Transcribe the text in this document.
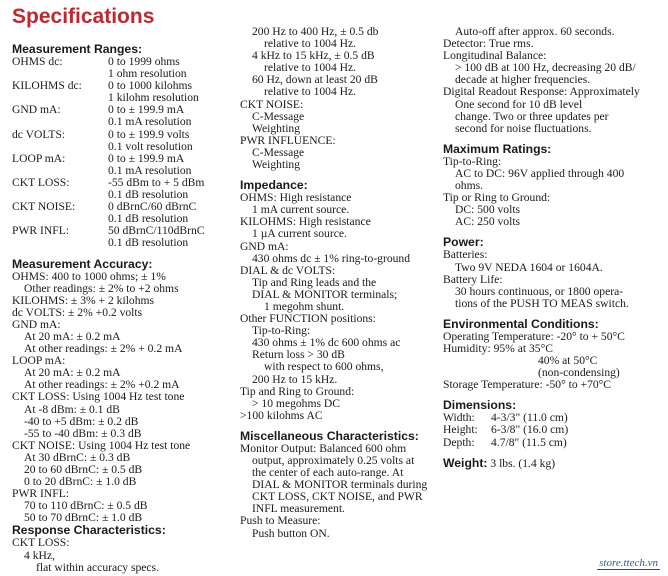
Specifications
Measurement Ranges:
OHMS dc:	0 to 1999 ohms
1 ohm resolution
KILOHMS dc:	0 to 1000 kilohms
1 kilohm resolution
GND mA:	0 to ± 199.9 mA
0.1 mA resolution
dc VOLTS:	0 to ± 199.9 volts
0.1 volt resolution
LOOP mA:	0 to ± 199.9 mA
0.1 mA resolution
CKT LOSS:	-55 dBm to + 5 dBm
0.1 dB resolution
CKT NOISE:	0 dBrnC/60 dBrnC
0.1 dB resolution
PWR INFL:	50 dBrnC/110dBrnC
0.1 dB resolution
Measurement Accuracy:
OHMS: 400 to 1000 ohms; ± 1%
Other readings: ± 2% to +2 ohms
KILOHMS: ± 3% + 2 kilohms
dc VOLTS: ± 2% +0.2 volts
GND mA:
At 20 mA: ± 0.2 mA
At other readings: ± 2% + 0.2 mA
LOOP mA:
At 20 mA: ± 0.2 mA
At other readings: ± 2% +0.2 mA
CKT LOSS: Using 1004 Hz test tone
At -8 dBm: ± 0.1 dB
-40 to +5 dBm: ± 0.2 dB
-55 to -40 dBm: ± 0.3 dB
CKT NOISE: Using 1004 Hz test tone
At 30 dBrnC: ± 0.3 dB
20 to 60 dBrnC: ± 0.5 dB
0 to 20 dBrnC: ± 1.0 dB
PWR INFL:
70 to 110 dBrnC: ± 0.5 dB
50 to 70 dBrnC: ± 1.0 dB
Response Characteristics:
CKT LOSS:
4 kHz,
flat within accuracy specs.
200 Hz to 400 Hz, ± 0.5 db
relative to 1004 Hz.
4 kHz to 15 kHz, ± 0.5 dB
relative to 1004 Hz.
60 Hz, down at least 20 dB
relative to 1004 Hz.
CKT NOISE:
C-Message
Weighting
PWR INFLUENCE:
C-Message
Weighting
Impedance:
OHMS: High resistance
1 mA current source.
KILOHMS: High resistance
1 µA current source.
GND mA:
430 ohms dc ± 1% ring-to-ground
DIAL & dc VOLTS:
Tip and Ring leads and the
DIAL & MONITOR terminals;
1 megohm shunt.
Other FUNCTION positions:
Tip-to-Ring:
430 ohms ± 1% dc 600 ohms ac
Return loss > 30 dB
with respect to 600 ohms,
200 Hz to 15 kHz.
Tip and Ring to Ground:
> 10 megohms DC
>100 kilohms AC
Miscellaneous Characteristics:
Monitor Output: Balanced 600 ohm
output, approximately 0.25 volts at
the center of each auto-range. At
DIAL & MONITOR terminals during
CKT LOSS, CKT NOISE, and PWR
INFL measurement.
Push to Measure:
Push button ON.
Auto-off after approx. 60 seconds.
Detector: True rms.
Longitudinal Balance:
> 100 dB at 100 Hz, decreasing 20 dB/
decade at higher frequencies.
Digital Readout Response: Approximately
One second for 10 dB level
change. Two or three updates per
second for noise fluctuations.
Maximum Ratings:
Tip-to-Ring:
AC to DC: 96V applied through 400
ohms.
Tip or Ring to Ground:
DC: 500 volts
AC: 250 volts
Power:
Batteries:
Two 9V NEDA 1604 or 1604A.
Battery Life:
30 hours continuous, or 1800 opera-
tions of the PUSH TO MEAS switch.
Environmental Conditions:
Operating Temperature: -20° to + 50°C
Humidity: 95% at 35°C
40% at 50°C
(non-condensing)
Storage Temperature: -50° to +70°C
Dimensions:
Width:	4-3/3" (11.0 cm)
Height:	6-3/8" (16.0 cm)
Depth:	4.7/8" (11.5 cm)
Weight: 3 lbs. (1.4 kg)
store.ttech.vn
